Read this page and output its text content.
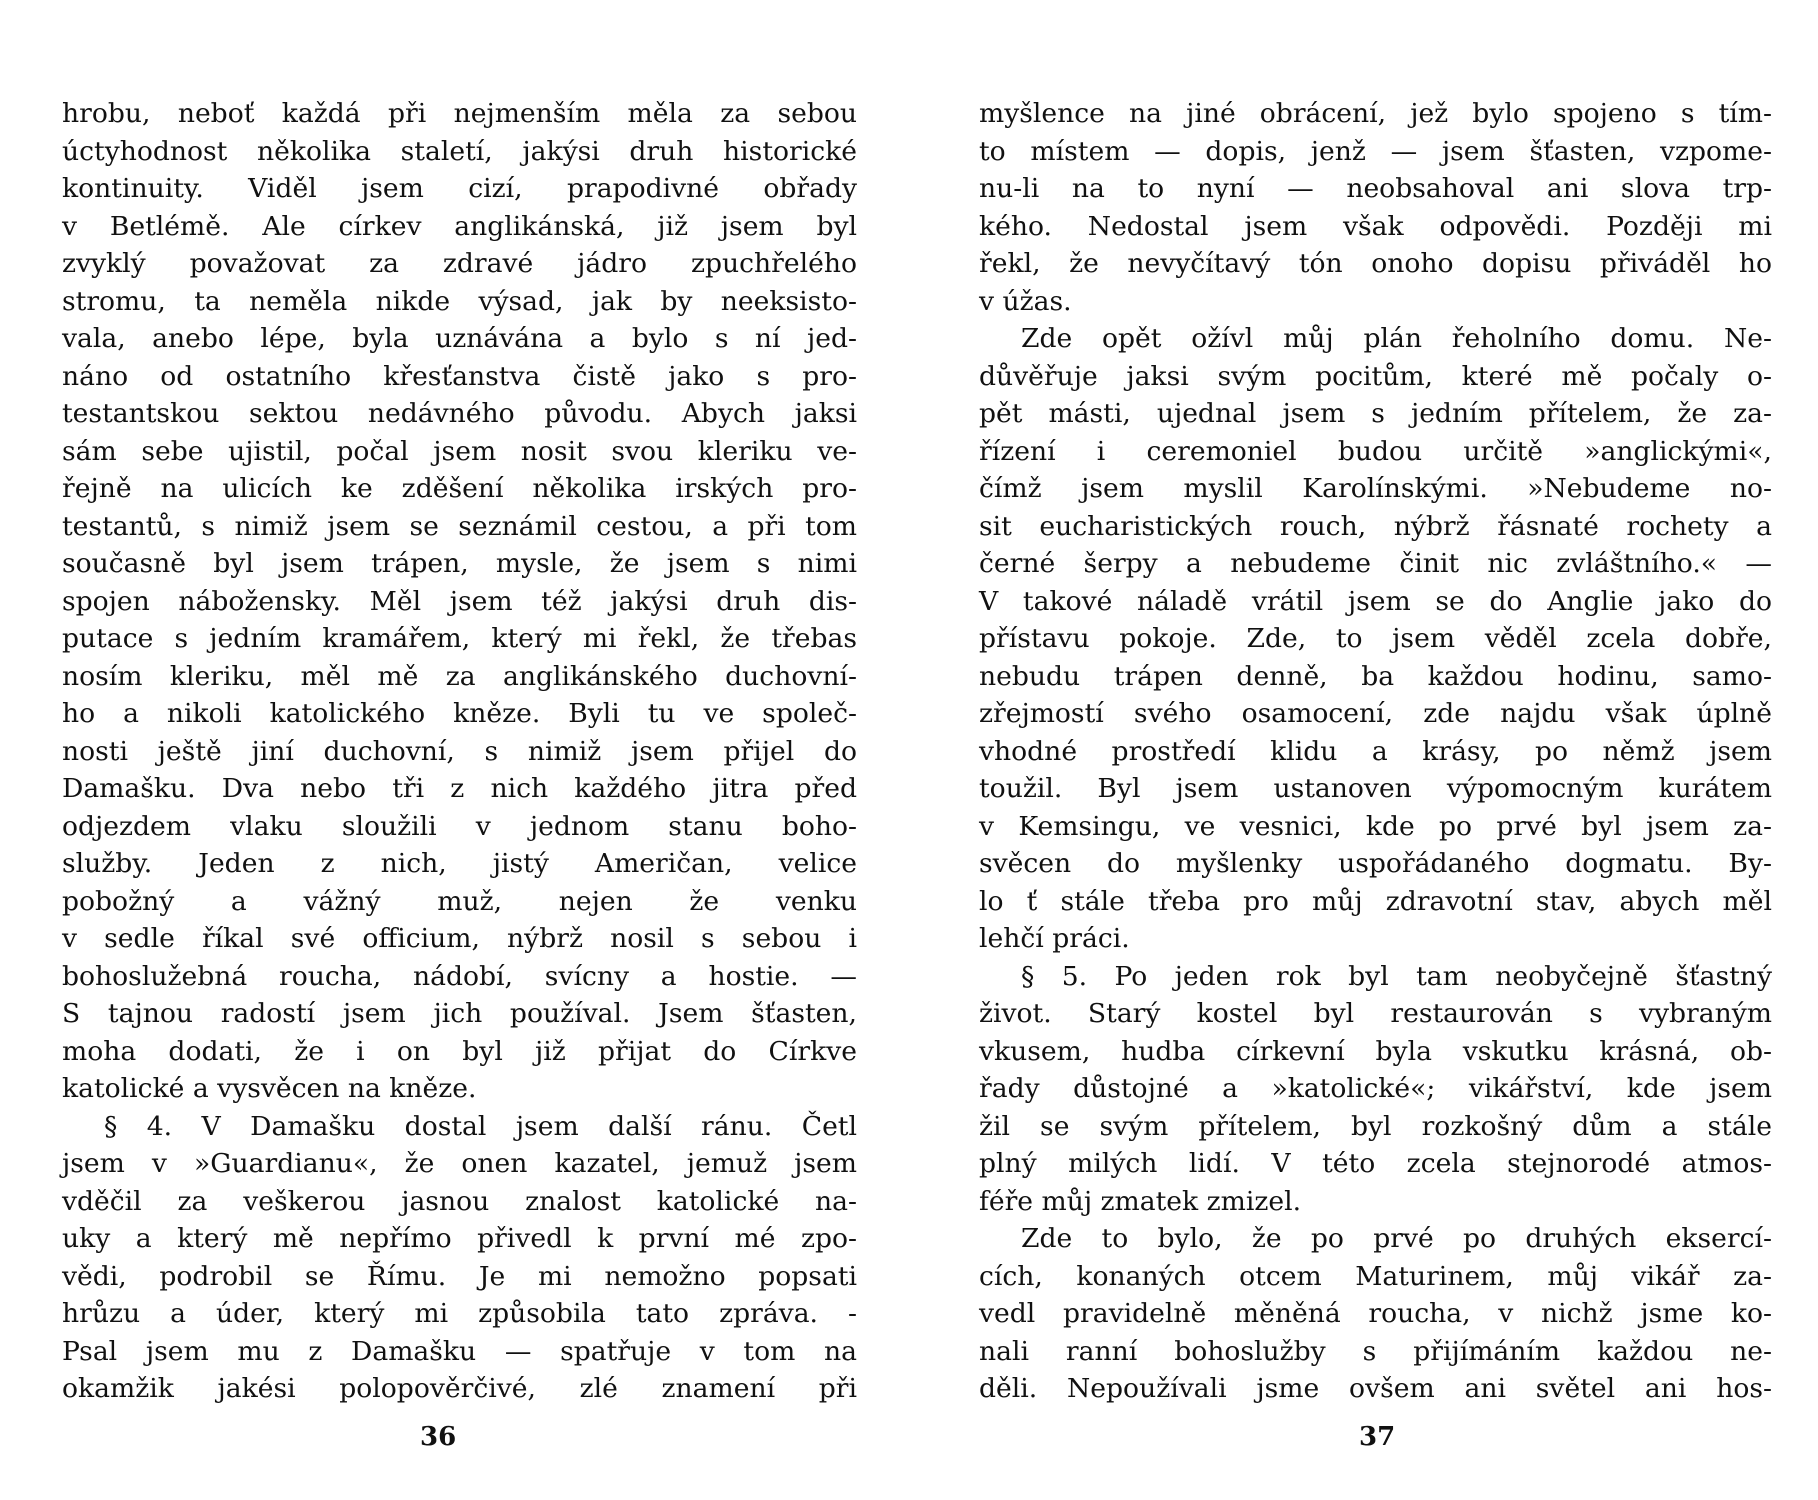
hrobu, neboť každá při nejmenším měla za sebou
úctyhodnost několika staletí, jakýsi druh historické
kontinuity. Viděl jsem cizí, prapodivné obřady
v Betlémě. Ale církev anglikánská, již jsem byl
zvyklý považovat za zdravé jádro zpuchřelého
stromu, ta neměla nikde výsad, jak by neeksisto-
vala, anebo lépe, byla uznávána a bylo s ní jed-
náno od ostatního křesťanstva čistě jako s pro-
testantskou sektou nedávného původu. Abych jaksi
sám sebe ujistil, počal jsem nosit svou kleriku ve-
řejně na ulicích ke zděšení několika irských pro-
testantů, s nimiž jsem se seznámil cestou, a při tom
současně byl jsem trápen, mysle, že jsem s nimi
spojen nábožensky. Měl jsem též jakýsi druh dis-
putace s jedním kramářem, který mi řekl, že třebas
nosím kleriku, měl mě za anglikánského duchovní-
ho a nikoli katolického kněze. Byli tu ve společ-
nosti ještě jiní duchovní, s nimiž jsem přijel do
Damašku. Dva nebo tři z nich každého jitra před
odjezdem vlaku sloužili v jednom stanu boho-
služby. Jeden z nich, jistý Američan, velice
pobožný a vážný muž, nejen že venku
v sedle říkal své officium, nýbrž nosil s sebou i
bohoslužebná roucha, nádobí, svícny a hostie. —
S tajnou radostí jsem jich používal. Jsem šťasten,
moha dodati, že i on byl již přijat do Církve
katolické a vysvěcen na kněze.
§ 4. V Damašku dostal jsem další ránu. Četl
jsem v »Guardianu«, že onen kazatel, jemuž jsem
vděčil za veškerou jasnou znalost katolické na-
uky a který mě nepřímo přivedl k první mé zpo-
vědi, podrobil se Římu. Je mi nemožno popsati
hrůzu a úder, který mi způsobila tato zpráva. -
Psal jsem mu z Damašku — spatřuje v tom na
okamžik jakési polopověrčivé, zlé znamení při
36
myšlence na jiné obrácení, jež bylo spojeno s tím-
to místem — dopis, jenž — jsem šťasten, vzpome-
nu-li na to nyní — neobsahoval ani slova trp-
kého. Nedostal jsem však odpovědi. Později mi
řekl, že nevyčítavý tón onoho dopisu přiváděl ho
v úžas.
Zde opět ožívl můj plán řeholního domu. Ne-
důvěřuje jaksi svým pocitům, které mě počaly o-
pět másti, ujednal jsem s jedním přítelem, že za-
řízení i ceremoniel budou určitě »anglickými«,
čímž jsem myslil Karolínskými. »Nebudeme no-
sit eucharistických rouch, nýbrž řásnaté rochety a
černé šerpy a nebudeme činit nic zvláštního.« —
V takové náladě vrátil jsem se do Anglie jako do
přístavu pokoje. Zde, to jsem věděl zcela dobře,
nebudu trápen denně, ba každou hodinu, samo-
zřejmostí svého osamocení, zde najdu však úplně
vhodné prostředí klidu a krásy, po němž jsem
toužil. Byl jsem ustanoven výpomocným kurátem
v Kemsingu, ve vesnici, kde po prvé byl jsem za-
svěcen do myšlenky uspořádaného dogmatu. By-
lo ť stále třeba pro můj zdravotní stav, abych měl
lehčí práci.
§ 5. Po jeden rok byl tam neobyčejně šťastný
život. Starý kostel byl restaurován s vybraným
vkusem, hudba církevní byla vskutku krásná, ob-
řady důstojné a »katolické«; vikářství, kde jsem
žil se svým přítelem, byl rozkošný dům a stále
plný milých lidí. V této zcela stejnorodé atmos-
féře můj zmatek zmizel.
Zde to bylo, že po prvé po druhých eksercí-
cích, konaných otcem Maturinem, můj vikář za-
vedl pravidelně měněná roucha, v nichž jsme ko-
nali ranní bohoslužby s přijímáním každou ne-
děli. Nepoužívali jsme ovšem ani světel ani hos-
37
